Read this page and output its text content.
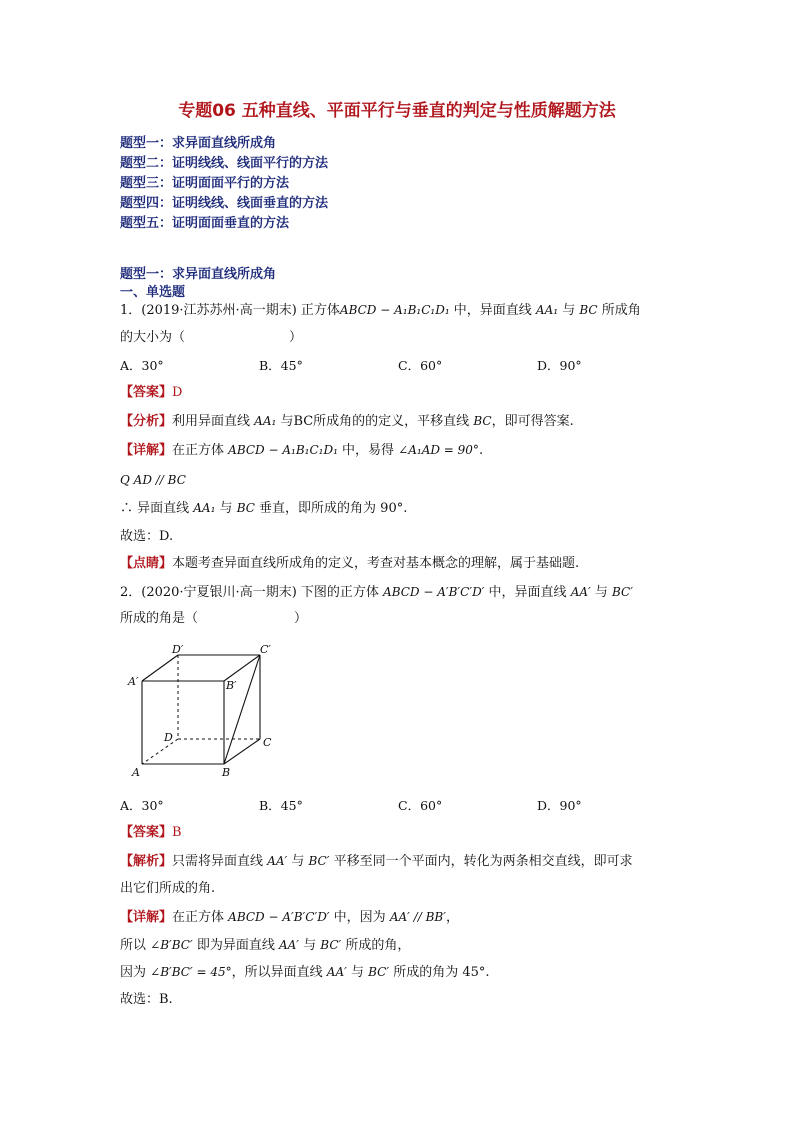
专题06 五种直线、平面平行与垂直的判定与性质解题方法
题型一：求异面直线所成角
题型二：证明线线、线面平行的方法
题型三：证明面面平行的方法
题型四：证明线线、线面垂直的方法
题型五：证明面面垂直的方法
题型一：求异面直线所成角
一、单选题
1．(2019·江苏苏州·高一期末) 正方体ABCD − A₁B₁C₁D₁ 中，异面直线 AA₁ 与 BC 所成角
的大小为（	）
A．30°	B．45°	C．60°	D．90°
【答案】D
【分析】利用异面直线 AA₁ 与BC所成角的的定义，平移直线 BC，即可得答案.
【详解】在正方体 ABCD − A₁B₁C₁D₁ 中，易得 ∠A₁AD = 90°.
Q AD // BC
∴ 异面直线 AA₁ 与 BC 垂直，即所成的角为 90°.
故选：D.
【点睛】本题考查异面直线所成角的定义，考查对基本概念的理解，属于基础题.
2．(2020·宁夏银川·高一期末) 下图的正方体 ABCD − A′B′C′D′ 中，异面直线 AA′ 与 BC′
所成的角是（	）
D′	C′
A′	B′
D	C
A	B
A．30°	B．45°	C．60°	D．90°
【答案】B
【解析】只需将异面直线 AA′ 与 BC′ 平移至同一个平面内，转化为两条相交直线，即可求
出它们所成的角.
【详解】在正方体 ABCD − A′B′C′D′ 中，因为 AA′ // BB′，
所以 ∠B′BC′ 即为异面直线 AA′ 与 BC′ 所成的角，
因为 ∠B′BC′ = 45°，所以异面直线 AA′ 与 BC′ 所成的角为 45°.
故选：B.
